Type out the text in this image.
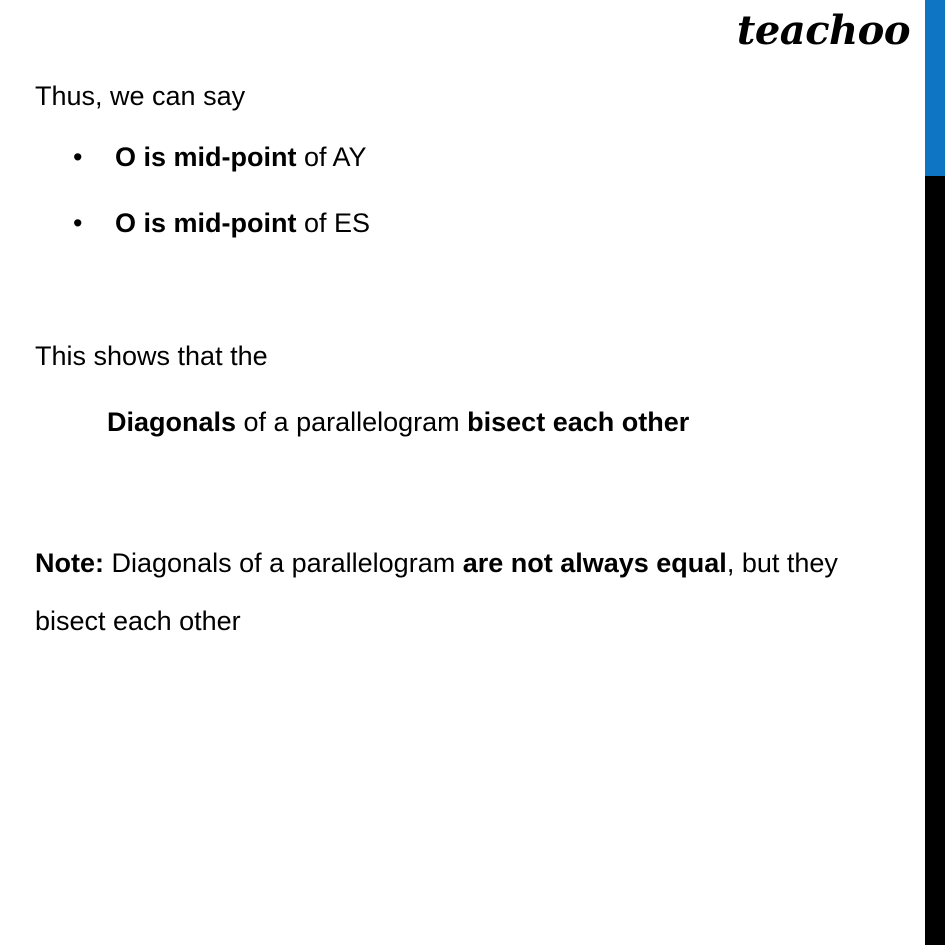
teachoo
Thus, we can say
• O is mid-point of AY
• O is mid-point of ES
This shows that the
Diagonals of a parallelogram bisect each other
Note: Diagonals of a parallelogram are not always equal, but they bisect each other
